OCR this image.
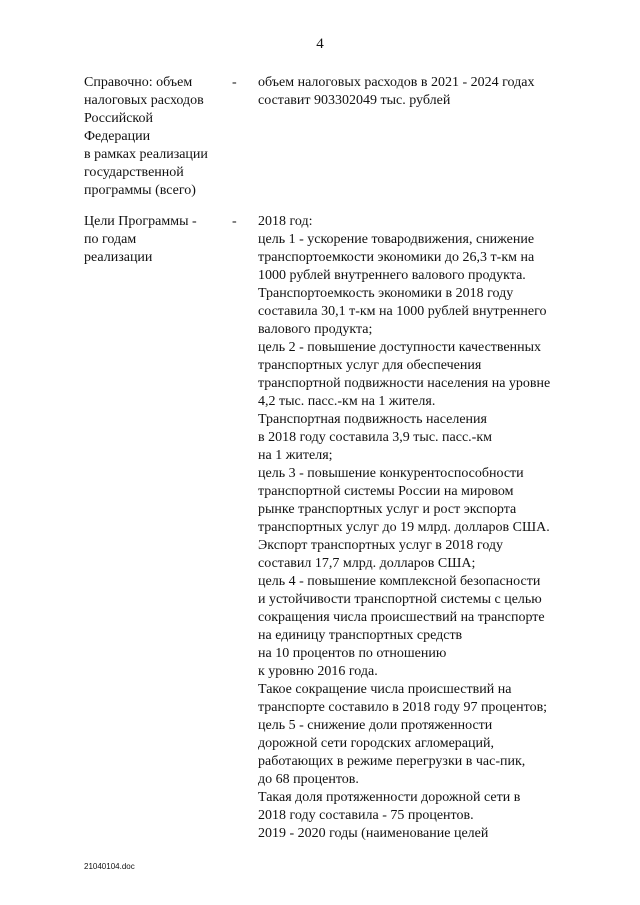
4
Справочно: объем
налоговых расходов
Российской
Федерации
в рамках реализации
государственной
программы (всего)
- объем налоговых расходов в 2021 - 2024 годах
составит 903302049 тыс. рублей
Цели Программы -
по годам
реализации
- 2018 год:
цель 1 - ускорение товародвижения, снижение
транспортоемкости экономики до 26,3 т-км на
1000 рублей внутреннего валового продукта.
Транспортоемкость экономики в 2018 году
составила 30,1 т-км на 1000 рублей внутреннего
валового продукта;
цель 2 - повышение доступности качественных
транспортных услуг для обеспечения
транспортной подвижности населения на уровне
4,2 тыс. пасс.-км на 1 жителя.
Транспортная подвижность населения
в 2018 году составила 3,9 тыс. пасс.-км
на 1 жителя;
цель 3 - повышение конкурентоспособности
транспортной системы России на мировом
рынке транспортных услуг и рост экспорта
транспортных услуг до 19 млрд. долларов США.
Экспорт транспортных услуг в 2018 году
составил 17,7 млрд. долларов США;
цель 4 - повышение комплексной безопасности
и устойчивости транспортной системы с целью
сокращения числа происшествий на транспорте
на единицу транспортных средств
на 10 процентов по отношению
к уровню 2016 года.
Такое сокращение числа происшествий на
транспорте составило в 2018 году 97 процентов;
цель 5 - снижение доли протяженности
дорожной сети городских агломераций,
работающих в режиме перегрузки в час-пик,
до 68 процентов.
Такая доля протяженности дорожной сети в
2018 году составила - 75 процентов.
2019 - 2020 годы (наименование целей
21040104.doc
